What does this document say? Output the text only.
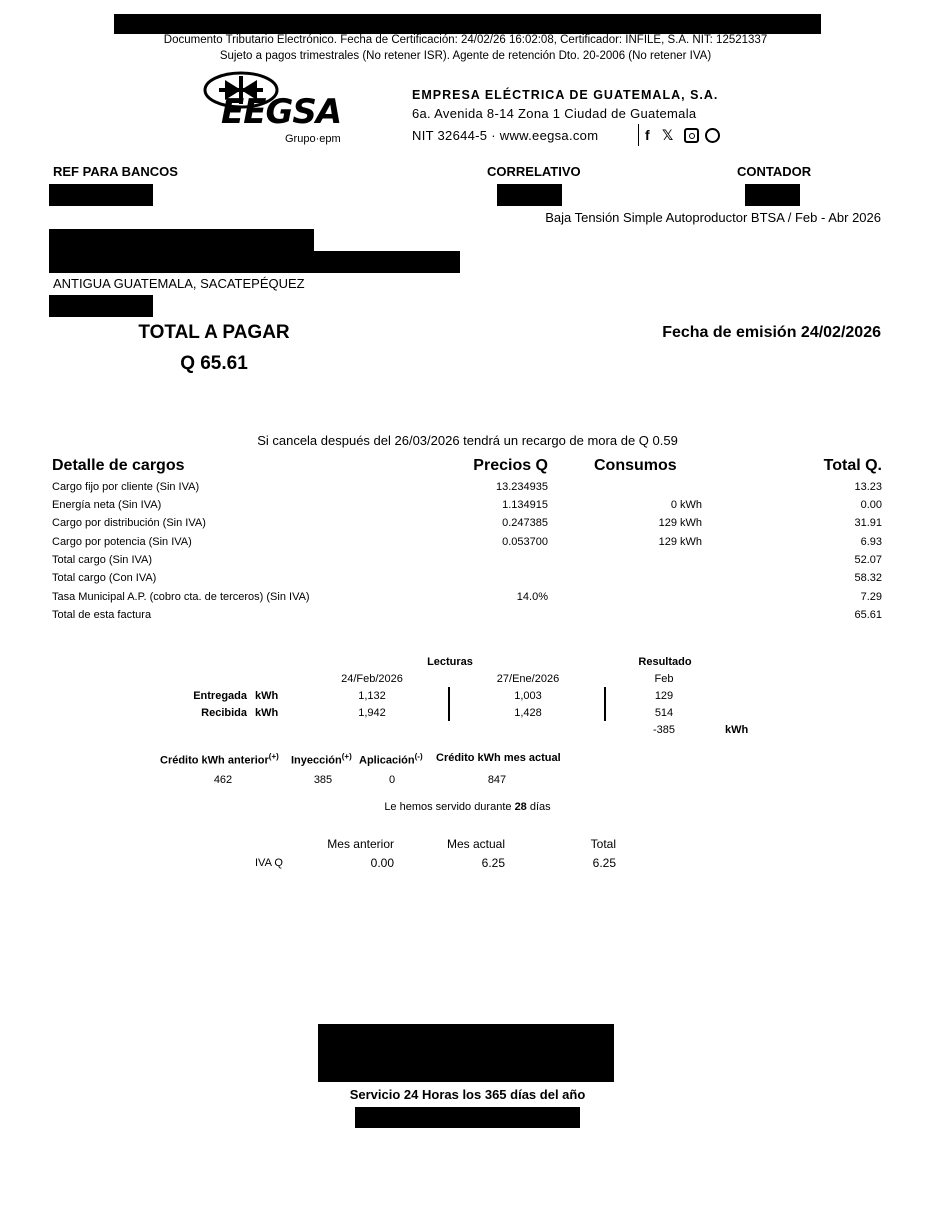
Documento Tributario Electrónico. Fecha de Certificación: 24/02/26 16:02:08, Certificador: INFILE, S.A. NIT: 12521337
Sujeto a pagos trimestrales (No retener ISR). Agente de retención Dto. 20-2006 (No retener IVA)
EEGSA
Grupo·epm
EMPRESA ELÉCTRICA DE GUATEMALA, S.A.
6a. Avenida 8-14 Zona 1 Ciudad de Guatemala
NIT 32644-5 · www.eegsa.com	f 𝕏
REF PARA BANCOS	CORRELATIVO	CONTADOR
Baja Tensión Simple Autoproductor BTSA / Feb - Abr 2026
ANTIGUA GUATEMALA, SACATEPÉQUEZ
TOTAL A PAGAR
Q 65.61
Fecha de emisión 24/02/2026
Si cancela después del 26/03/2026 tendrá un recargo de mora de Q 0.59
Detalle de cargos	Precios Q	Consumos	Total Q.
Cargo fijo por cliente (Sin IVA)	13.234935	13.23
Energía neta (Sin IVA)	1.134915	0 kWh	0.00
Cargo por distribución (Sin IVA)	0.247385	129 kWh	31.91
Cargo por potencia (Sin IVA)	0.053700	129 kWh	6.93
Total cargo (Sin IVA)	52.07
Total cargo (Con IVA)	58.32
Tasa Municipal A.P. (cobro cta. de terceros) (Sin IVA)	14.0%	7.29
Total de esta factura	65.61
Lecturas	Resultado
24/Feb/2026	27/Ene/2026	Feb
Entregada kWh	1,132	1,003	129
Recibida kWh	1,942	1,428	514
-385	kWh
Crédito kWh anterior(+) Inyección(+) Aplicación(-) Crédito kWh mes actual
462	385	0	847
Le hemos servido durante 28 días
Mes anterior	Mes actual	Total
IVA Q	0.00	6.25	6.25
Servicio 24 Horas los 365 días del año
